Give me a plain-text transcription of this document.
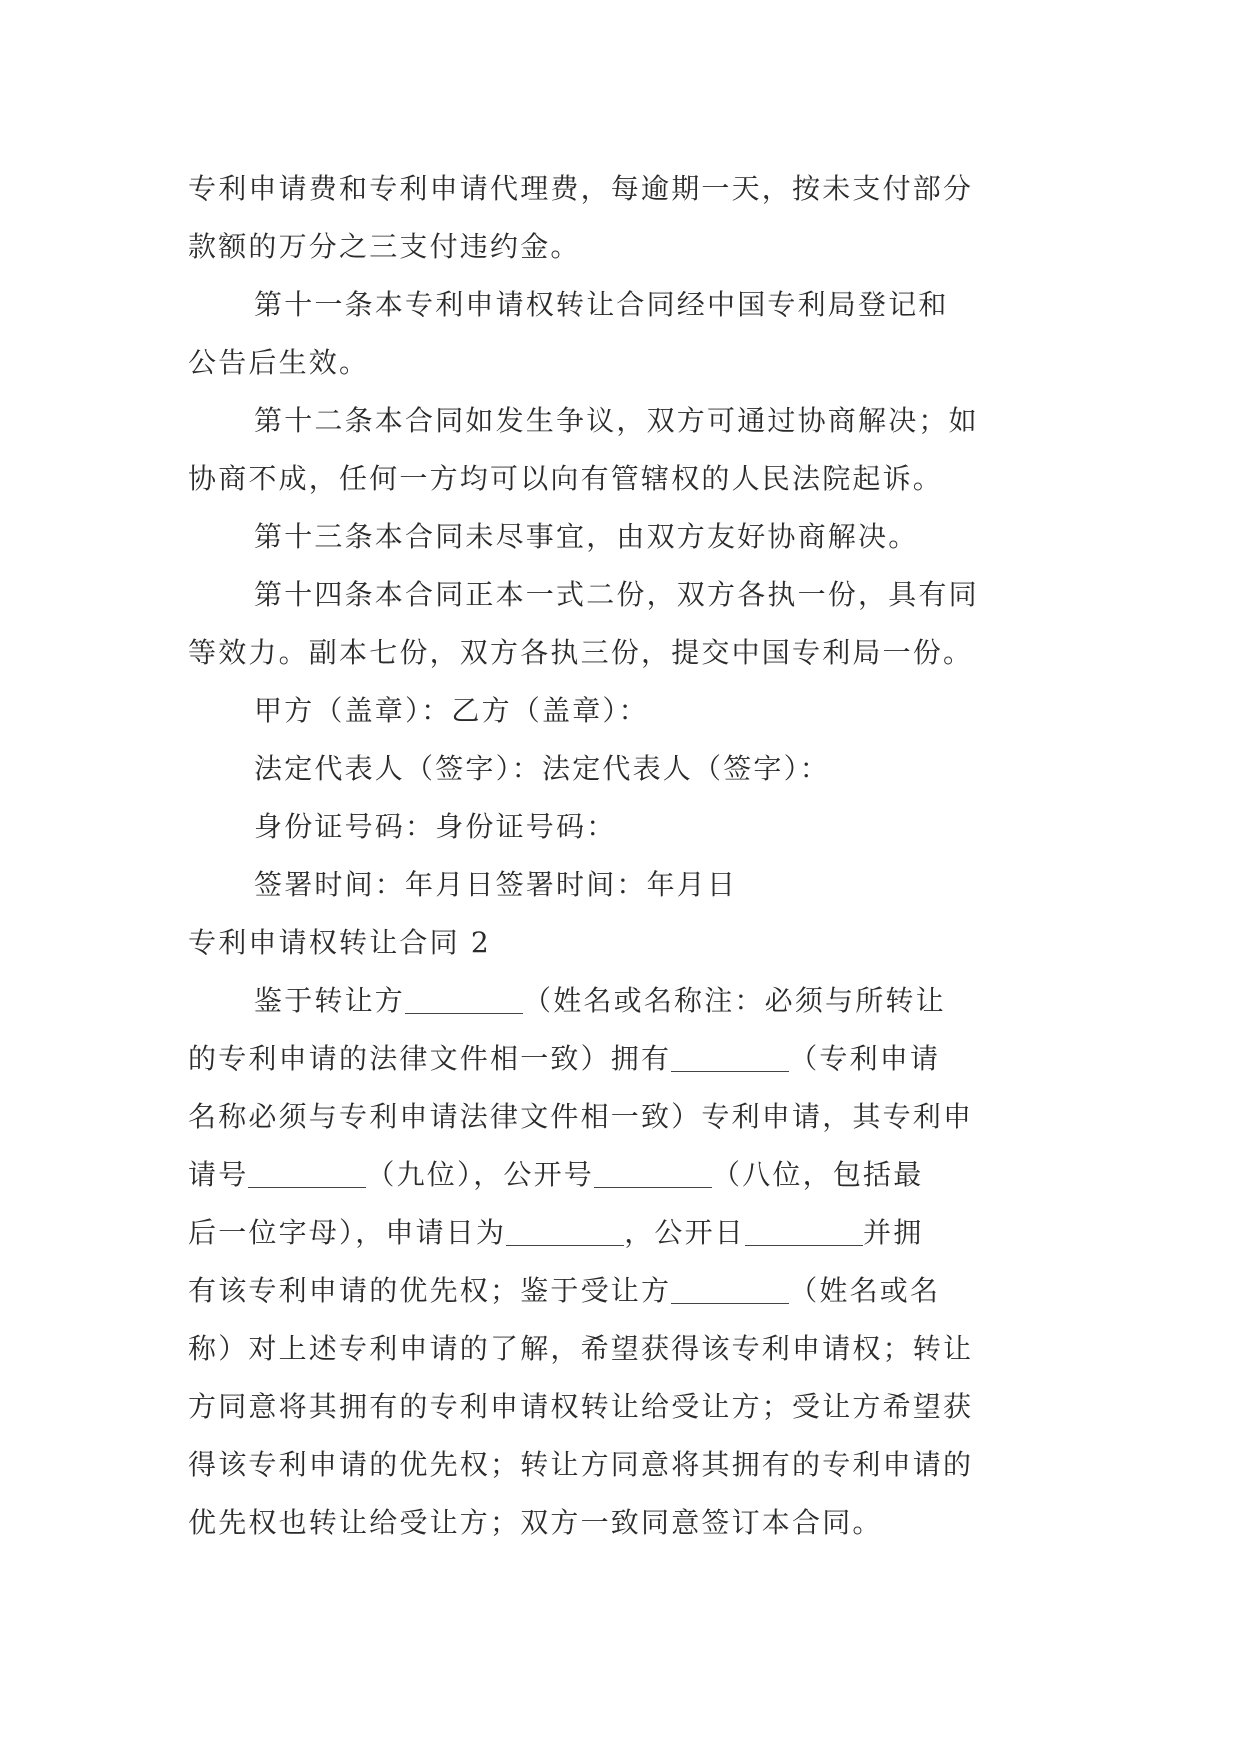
专利申请费和专利申请代理费，每逾期一天，按未支付部分
款额的万分之三支付违约金。
第十一条本专利申请权转让合同经中国专利局登记和
公告后生效。
第十二条本合同如发生争议，双方可通过协商解决；如
协商不成，任何一方均可以向有管辖权的人民法院起诉。
第十三条本合同未尽事宜，由双方友好协商解决。
第十四条本合同正本一式二份，双方各执一份，具有同
等效力。副本七份，双方各执三份，提交中国专利局一份。
甲方（盖章）：乙方（盖章）：
法定代表人（签字）：法定代表人（签字）：
身份证号码：身份证号码：
签署时间：年月日签署时间：年月日
专利申请权转让合同 2
鉴于转让方	（姓名或名称注：必须与所转让
的专利申请的法律文件相一致）拥有	（专利申请
名称必须与专利申请法律文件相一致）专利申请，其专利申
请号	（九位），公开号	（八位，包括最
后一位字母），申请日为	，公开日	并拥
有该专利申请的优先权；鉴于受让方	（姓名或名
称）对上述专利申请的了解，希望获得该专利申请权；转让
方同意将其拥有的专利申请权转让给受让方；受让方希望获
得该专利申请的优先权；转让方同意将其拥有的专利申请的
优先权也转让给受让方；双方一致同意签订本合同。
